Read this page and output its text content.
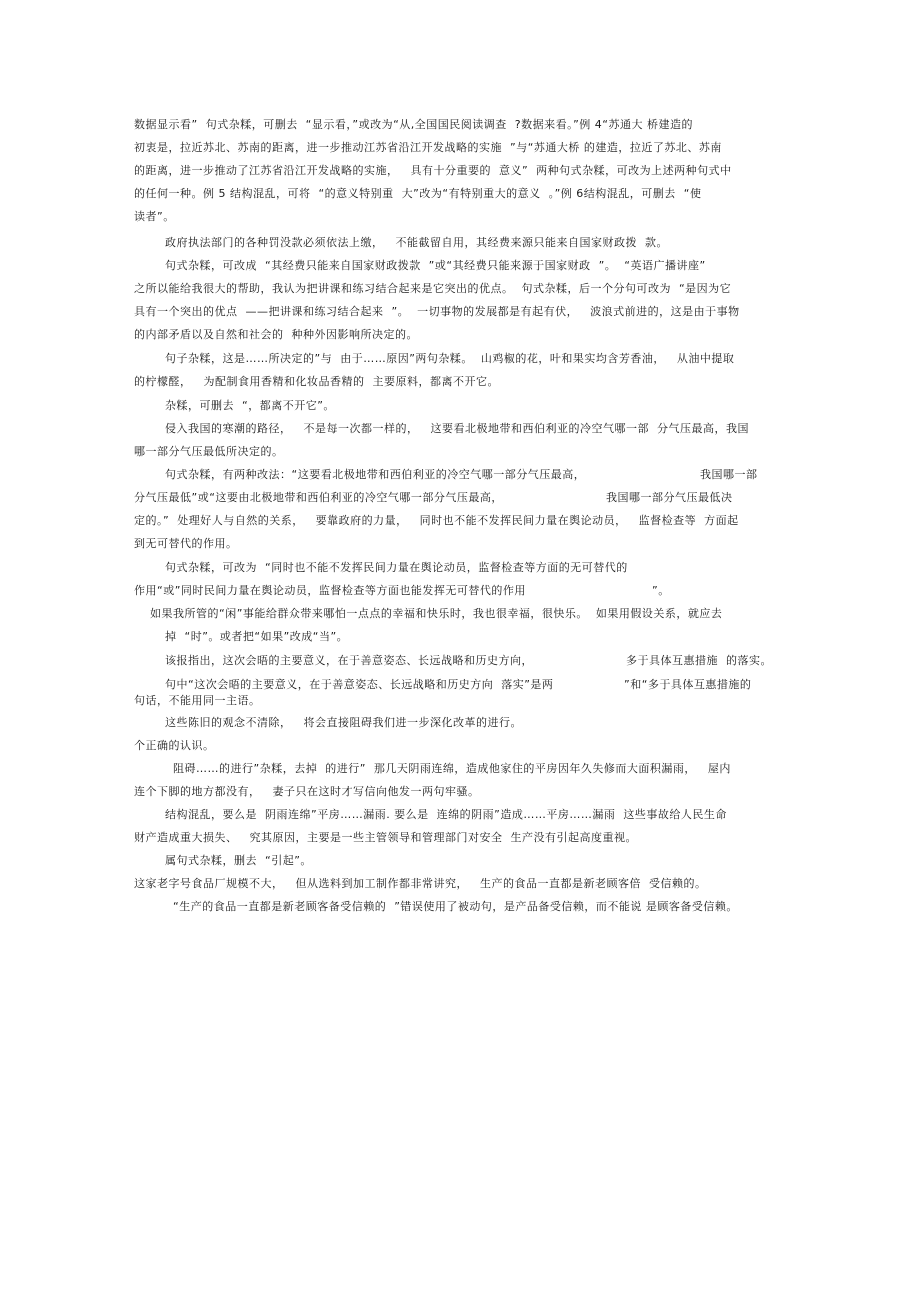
数据显示看”  句式杂糅，可删去  “显示看，”或改为“从,全国国民阅读调查  ?数据来看。”例 4“苏通大 桥建造的
初衷是，拉近苏北、苏南的距离，进一步推动江苏省沿江开发战略的实施  ”与“苏通大桥 的建造，拉近了苏北、苏南
的距离，进一步推动了江苏省沿江开发战略的实施，   具有十分重要的  意义”  两种句式杂糅，可改为上述两种句式中
的任何一种。例 5 结构混乱，可将  “的意义特别重  大”改为“有特别重大的意义  。”例 6结构混乱，可删去  “使
读者”。
政府执法部门的各种罚没款必须依法上缴，   不能截留自用，其经费来源只能来自国家财政拨  款。
句式杂糅，可改成  “其经费只能来自国家财政拨款  ”或“其经费只能来源于国家财政  ”。  “英语广播讲座”
之所以能给我很大的帮助，我认为把讲课和练习结合起来是它突出的优点。  句式杂糅，后一个分句可改为  “是因为它
具有一个突出的优点  ——把讲课和练习结合起来  ”。  一切事物的发展都是有起有伏，   波浪式前进的，这是由于事物
的内部矛盾以及自然和社会的  种种外因影响所决定的。
句子杂糅，这是……所决定的”与  由于……原因”两句杂糅。  山鸡椒的花，叶和果实均含芳香油，   从油中提取
的柠檬醛，   为配制食用香精和化妆品香精的  主要原料，都离不开它。
杂糅，可删去  “，都离不开它”。
侵入我国的寒潮的路径，   不是每一次都一样的，   这要看北极地带和西伯利亚的冷空气哪一部  分气压最高，我国
哪一部分气压最低所决定的。
句式杂糅，有两种改法：“这要看北极地带和西伯利亚的冷空气哪一部分气压最高，	我国哪一部
分气压最低”或“这要由北极地带和西伯利亚的冷空气哪一部分气压最高，	我国哪一部分气压最低决
定的。”  处理好人与自然的关系，   要靠政府的力量，   同时也不能不发挥民间力量在舆论动员，   监督检查等  方面起
到无可替代的作用。
句式杂糅，可改为  “同时也不能不发挥民间力量在舆论动员，监督检查等方面的无可替代的
作用“或”同时民间力量在舆论动员，监督检查等方面也能发挥无可替代的作用	”。
如果我所管的“闲”事能给群众带来哪怕一点点的幸福和快乐时，我也很幸福，很快乐。  如果用假设关系，就应去
掉  “时”。或者把“如果”改成“当”。
该报指出，这次会晤的主要意义，在于善意姿态、长远战略和历史方向，	多于具体互惠措施  的落实。
句中“这次会晤的主要意义，在于善意姿态、长远战略和历史方向  落实”是两	”和“多于具体互惠措施的
句话，不能用同一主语。
这些陈旧的观念不清除，   将会直接阻碍我们进一步深化改革的进行。
个正确的认识。
阻碍……的进行”杂糅，去掉  的进行”  那几天阴雨连绵，造成他家住的平房因年久失修而大面积漏雨，   屋内
连个下脚的地方都没有，   妻子只在这时才写信向他发一两句牢骚。
结构混乱，要么是  阴雨连绵”平房……漏雨. 要么是  连绵的阴雨”造成……平房……漏雨  这些事故给人民生命
财产造成重大损失、   究其原因，主要是一些主管领导和管理部门对安全  生产没有引起高度重视。
属句式杂糅，删去  “引起”。
这家老字号食品厂规模不大，   但从选料到加工制作都非常讲究，   生产的食品一直都是新老顾客倍  受信赖的。
“生产的食品一直都是新老顾客备受信赖的  ”错误使用了被动句，是产品备受信赖，而不能说 是顾客备受信赖。
